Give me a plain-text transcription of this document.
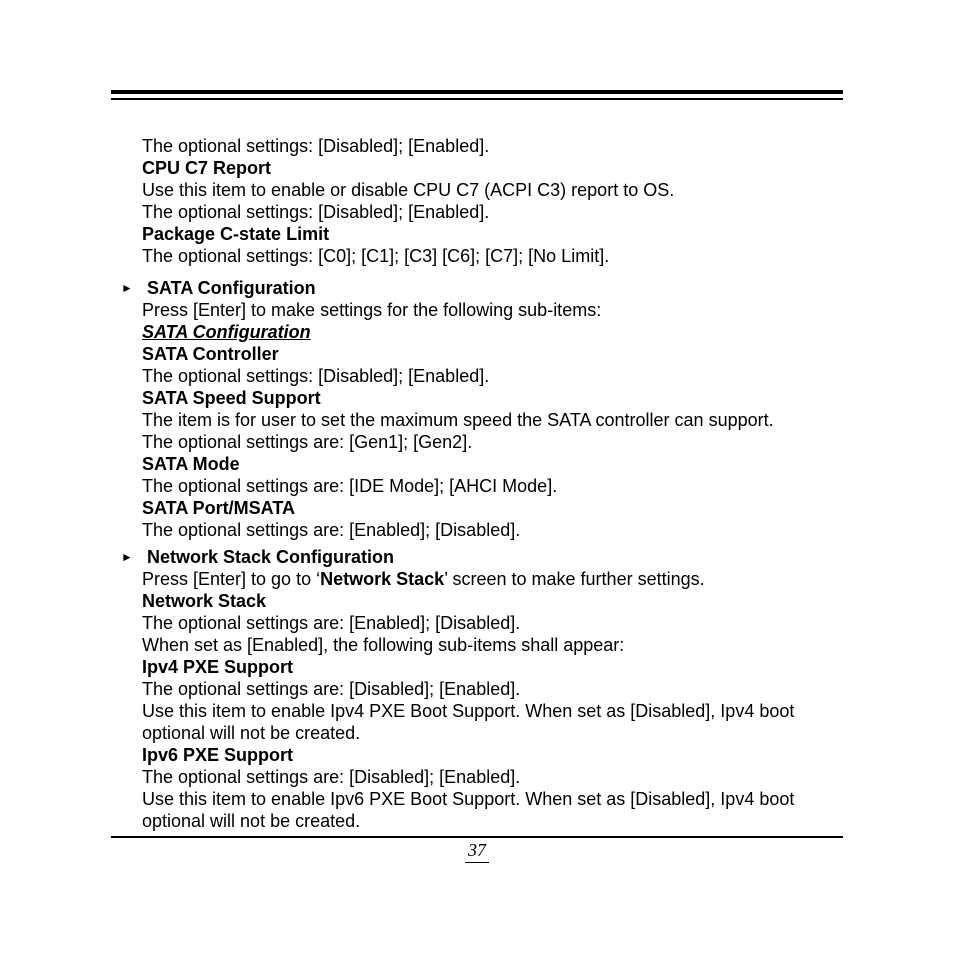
The optional settings: [Disabled]; [Enabled].
CPU C7 Report
Use this item to enable or disable CPU C7 (ACPI C3) report to OS.
The optional settings: [Disabled]; [Enabled].
Package C-state Limit
The optional settings: [C0]; [C1]; [C3] [C6]; [C7]; [No Limit].
► SATA Configuration
Press [Enter] to make settings for the following sub-items:
SATA Configuration
SATA Controller
The optional settings: [Disabled]; [Enabled].
SATA Speed Support
The item is for user to set the maximum speed the SATA controller can support.
The optional settings are: [Gen1]; [Gen2].
SATA Mode
The optional settings are: [IDE Mode]; [AHCI Mode].
SATA Port/MSATA
The optional settings are: [Enabled]; [Disabled].
► Network Stack Configuration
Press [Enter] to go to ‘Network Stack’ screen to make further settings.
Network Stack
The optional settings are: [Enabled]; [Disabled].
When set as [Enabled], the following sub-items shall appear:
Ipv4 PXE Support
The optional settings are: [Disabled]; [Enabled].
Use this item to enable Ipv4 PXE Boot Support. When set as [Disabled], Ipv4 boot
optional will not be created.
Ipv6 PXE Support
The optional settings are: [Disabled]; [Enabled].
Use this item to enable Ipv6 PXE Boot Support. When set as [Disabled], Ipv4 boot
optional will not be created.
37
